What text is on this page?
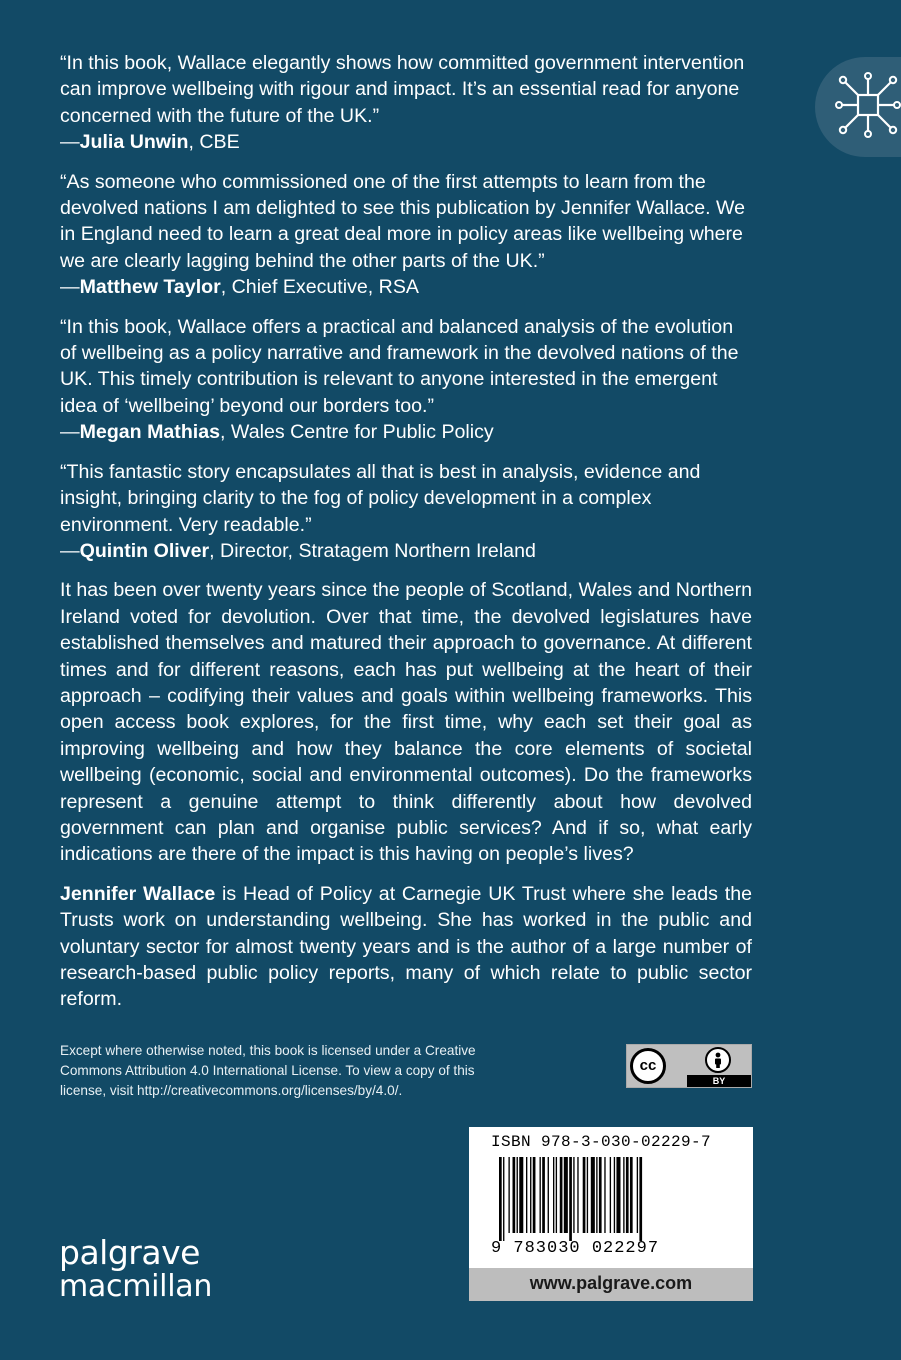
“In this book, Wallace elegantly shows how committed government intervention can improve wellbeing with rigour and impact. It’s an essential read for anyone concerned with the future of the UK.”

—Julia Unwin, CBE

“As someone who commissioned one of the first attempts to learn from the devolved nations I am delighted to see this publication by Jennifer Wallace. We in England need to learn a great deal more in policy areas like wellbeing where we are clearly lagging behind the other parts of the UK.”

—Matthew Taylor, Chief Executive, RSA

“In this book, Wallace offers a practical and balanced analysis of the evolution of wellbeing as a policy narrative and framework in the devolved nations of the UK. This timely contribution is relevant to anyone interested in the emergent idea of ‘wellbeing’ beyond our borders too.”

—Megan Mathias, Wales Centre for Public Policy

“This fantastic story encapsulates all that is best in analysis, evidence and insight, bringing clarity to the fog of policy development in a complex environment. Very readable.”

—Quintin Oliver, Director, Stratagem Northern Ireland

It has been over twenty years since the people of Scotland, Wales and Northern Ireland voted for devolution. Over that time, the devolved legislatures have established themselves and matured their approach to governance. At different times and for different reasons, each has put wellbeing at the heart of their approach – codifying their values and goals within wellbeing frameworks. This open access book explores, for the first time, why each set their goal as improving wellbeing and how they balance the core elements of societal wellbeing (economic, social and environmental outcomes). Do the frameworks represent a genuine attempt to think differently about how devolved government can plan and organise public services? And if so, what early indications are there of the impact is this having on people’s lives?

Jennifer Wallace is Head of Policy at Carnegie UK Trust where she leads the Trusts work on understanding wellbeing. She has worked in the public and voluntary sector for almost twenty years and is the author of a large number of research-based public policy reports, many of which relate to public sector reform.

Except where otherwise noted, this book is licensed under a Creative Commons Attribution 4.0 International License. To view a copy of this license, visit http://creativecommons.org/licenses/by/4.0/.
cc
BY
ISBN 978-3-030-02229-7
9 783030 022297
www.palgrave.com
palgrave
macmillan
